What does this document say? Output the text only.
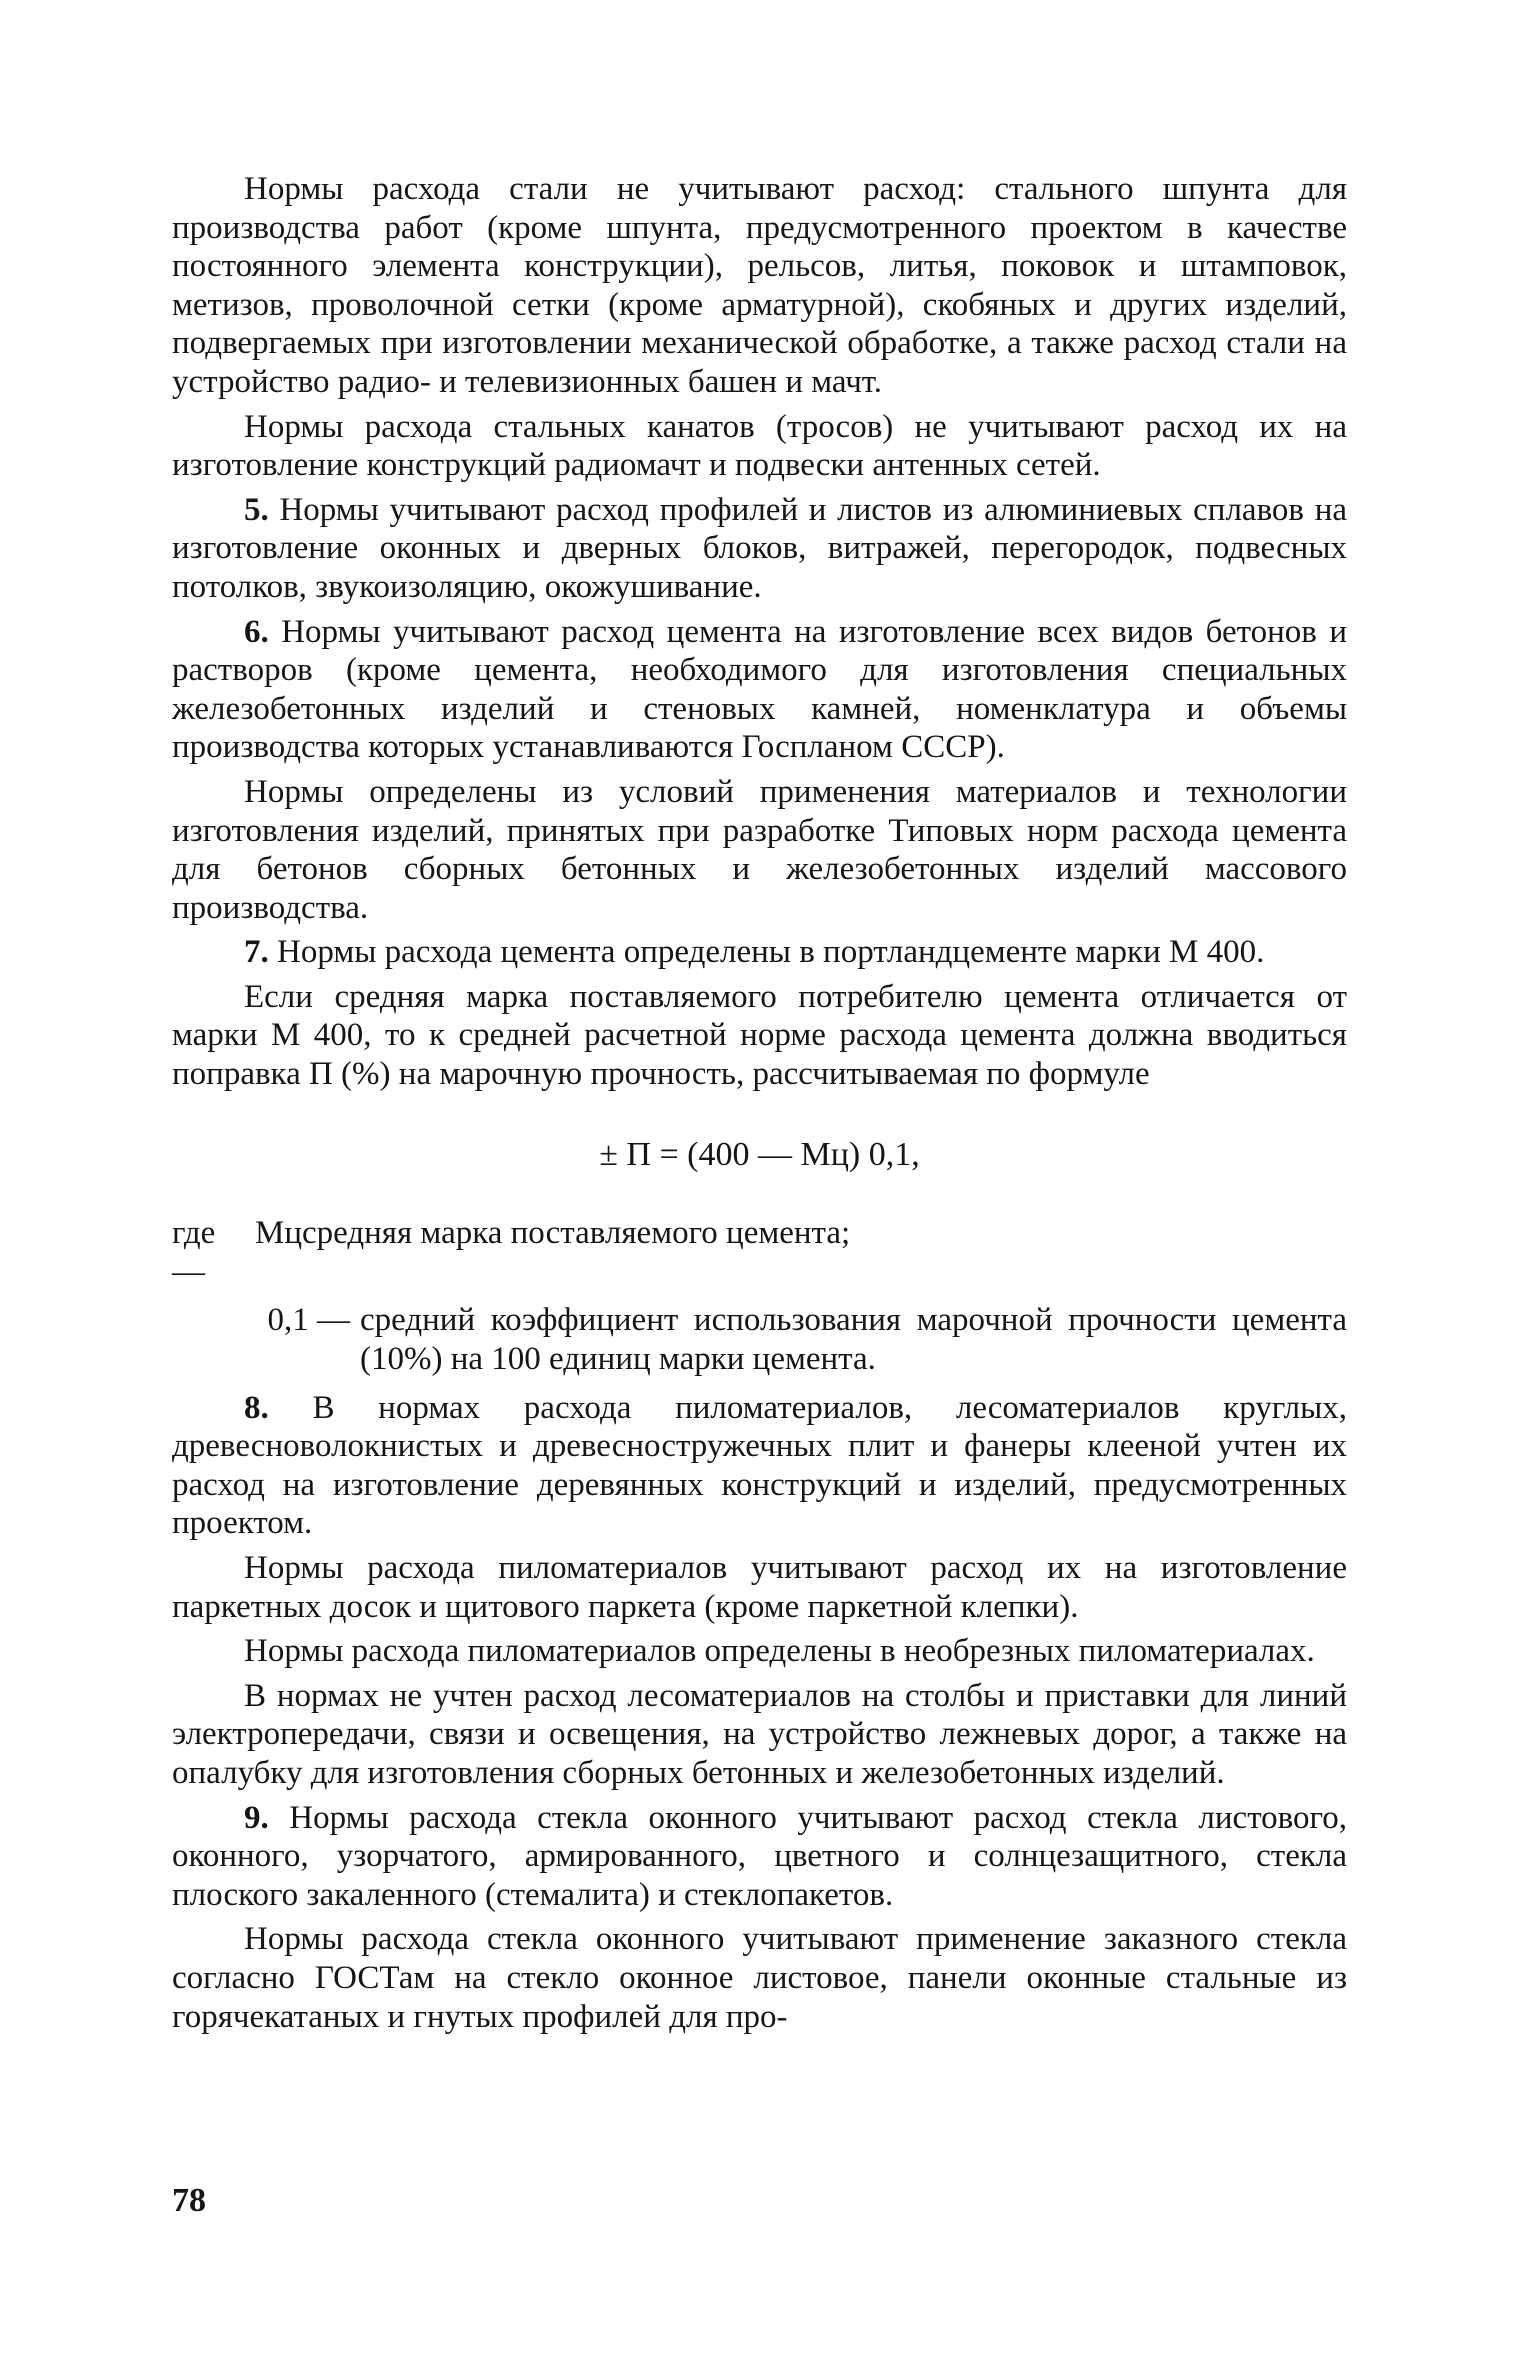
Нормы расхода стали не учитывают расход: стального шпунта для производства работ (кроме шпунта, предусмотренного проектом в качестве постоянного элемента конструкции), рельсов, литья, поковок и штамповок, метизов, проволочной сетки (кроме арматурной), скобяных и других изделий, подвергаемых при изготовлении механической обработке, а также расход стали на устройство радио- и телевизионных башен и мачт.

Нормы расхода стальных канатов (тросов) не учитывают расход их на изготовление конструкций радиомачт и подвески антенных сетей.

5. Нормы учитывают расход профилей и листов из алюминиевых сплавов на изготовление оконных и дверных блоков, витражей, перегородок, подвесных потолков, звукоизоляцию, окожушивание.

6. Нормы учитывают расход цемента на изготовление всех видов бетонов и растворов (кроме цемента, необходимого для изготовления специальных железобетонных изделий и стеновых камней, номенклатура и объемы производства которых устанавливаются Госпланом СССР).

Нормы определены из условий применения материалов и технологии изготовления изделий, принятых при разработке Типовых норм расхода цемента для бетонов сборных бетонных и железобетонных изделий массового производства.

7. Нормы расхода цемента определены в портландцементе марки М 400.

Если средняя марка поставляемого потребителю цемента отличается от марки М 400, то к средней расчетной норме расхода цемента должна вводиться поправка П (%) на марочную прочность, рассчитываемая по формуле

± П = (400 — Мц) 0,1,
где Мц —
средняя марка поставляемого цемента;
0,1 — средний коэффициент использования марочной прочности цемента (10%) на 100 единиц марки цемента.

8. В нормах расхода пиломатериалов, лесоматериалов круглых, древесноволокнистых и древесностружечных плит и фанеры клееной учтен их расход на изготовление деревянных конструкций и изделий, предусмотренных проектом.

Нормы расхода пиломатериалов учитывают расход их на изготовление паркетных досок и щитового паркета (кроме паркетной клепки).

Нормы расхода пиломатериалов определены в необрезных пиломатериалах.

В нормах не учтен расход лесоматериалов на столбы и приставки для линий электропередачи, связи и освещения, на устройство лежневых дорог, а также на опалубку для изготовления сборных бетонных и железобетонных изделий.

9. Нормы расхода стекла оконного учитывают расход стекла листового, оконного, узорчатого, армированного, цветного и солнцезащитного, стекла плоского закаленного (стемалита) и стеклопакетов.

Нормы расхода стекла оконного учитывают применение заказного стекла согласно ГОСТам на стекло оконное листовое, панели оконные стальные из горячекатаных и гнутых профилей для про-

78
